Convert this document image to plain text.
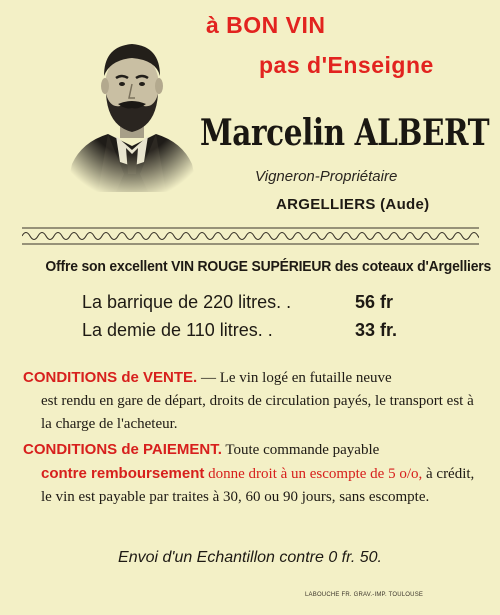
à BON VIN
pas d'Enseigne
Marcelin ALBERT
Vigneron-Propriétaire
ARGELLIERS (Aude)
Offre son excellent VIN ROUGE SUPÉRIEUR des coteaux d'Argelliers
La barrique de 220 litres. .	56 fr
La demie de 110 litres. .	33 fr.
CONDITIONS de VENTE. — Le vin logé en futaille neuve
est rendu en gare de départ, droits de circulation payés, le transport est à la charge de l'acheteur.
CONDITIONS de PAIEMENT. Toute commande payable
contre remboursement donne droit à un escompte de 5 o/o, à crédit, le vin est payable par traites à 30, 60 ou 90 jours, sans escompte.
Envoi d'un Echantillon contre 0 fr. 50.
LABOUCHE FR. GRAV.-IMP. TOULOUSE
